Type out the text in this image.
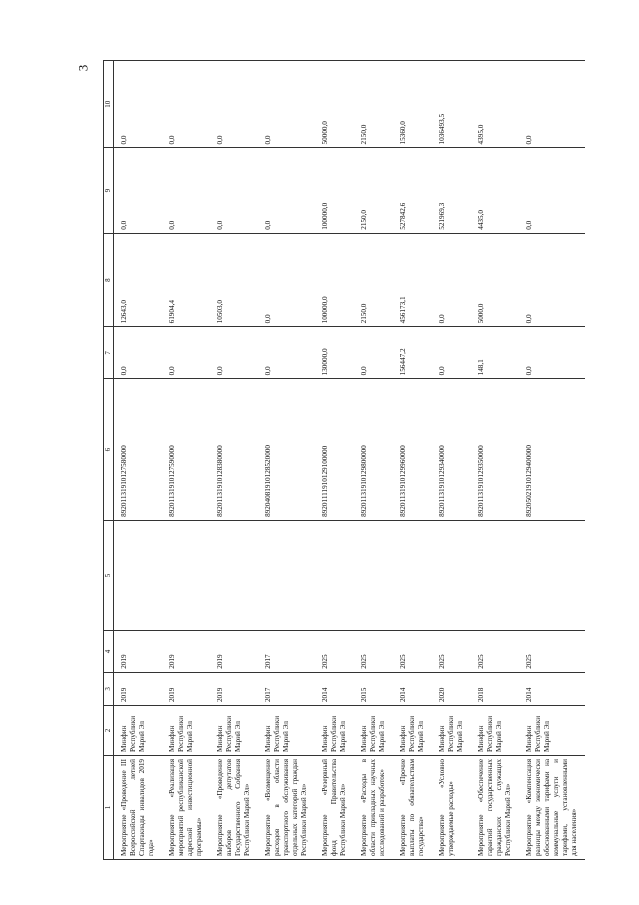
3
1	2	3	4	5	6	7	8	9	10
Мероприятие «Проведение III Всероссийской летней Спартакиады инвалидов 2019 года»	Минфин Республики Марий Эл	2019	2019		89201131910127580000	0,0	12643,0	0,0	0,0
Мероприятие «Реализация мероприятий республиканской адресной инвестиционной программы»	Минфин Республики Марий Эл	2019	2019		89201131910127590000	0,0	61904,4	0,0	0,0
Мероприятие «Проведение выборов депутатов Государственного Собрания Республики Марий Эл»	Минфин Республики Марий Эл	2019	2019		89201131910128380000	0,0	10503,0	0,0	0,0
Мероприятие «Возмещение расходов в области транспортного обслуживания отдельных категорий граждан Республики Марий Эл»	Минфин Республики Марий Эл	2017	2017		89204081910128520000	0,0	0,0	0,0	0,0
Мероприятие «Резервный фонд Правительства Республики Марий Эл»	Минфин Республики Марий Эл	2014	2025		89201111910129100000	130000,0	100000,0	100000,0	50000,0
Мероприятие «Расходы в области прикладных научных исследований и разработок»	Минфин Республики Марий Эл	2015	2025		89201131910129800000	0,0	2150,0	2150,0	2150,0
Мероприятие «Прочие выплаты по обязательствам государства»	Минфин Республики Марий Эл	2014	2025		89201131910129960000	156447,2	456173,1	527842,6	15360,0
Мероприятие «Условно утверждаемые расходы»	Минфин Республики Марий Эл	2020	2025		89201131910129340000	0,0	0,0	521969,3	1036493,5
Мероприятие «Обеспечение гарантий государственных гражданских служащих Республики Марий Эл»	Минфин Республики Марий Эл	2018	2025		89201131910129350000	148,1	5000,0	4435,0	4395,0
Мероприятие «Компенсация разницы между экономически обоснованными тарифами на коммунальные услуги и тарифами, установленными для населения»	Минфин Республики Марий Эл	2014	2025		89205021910129400000	0,0	0,0	0,0	0,0
